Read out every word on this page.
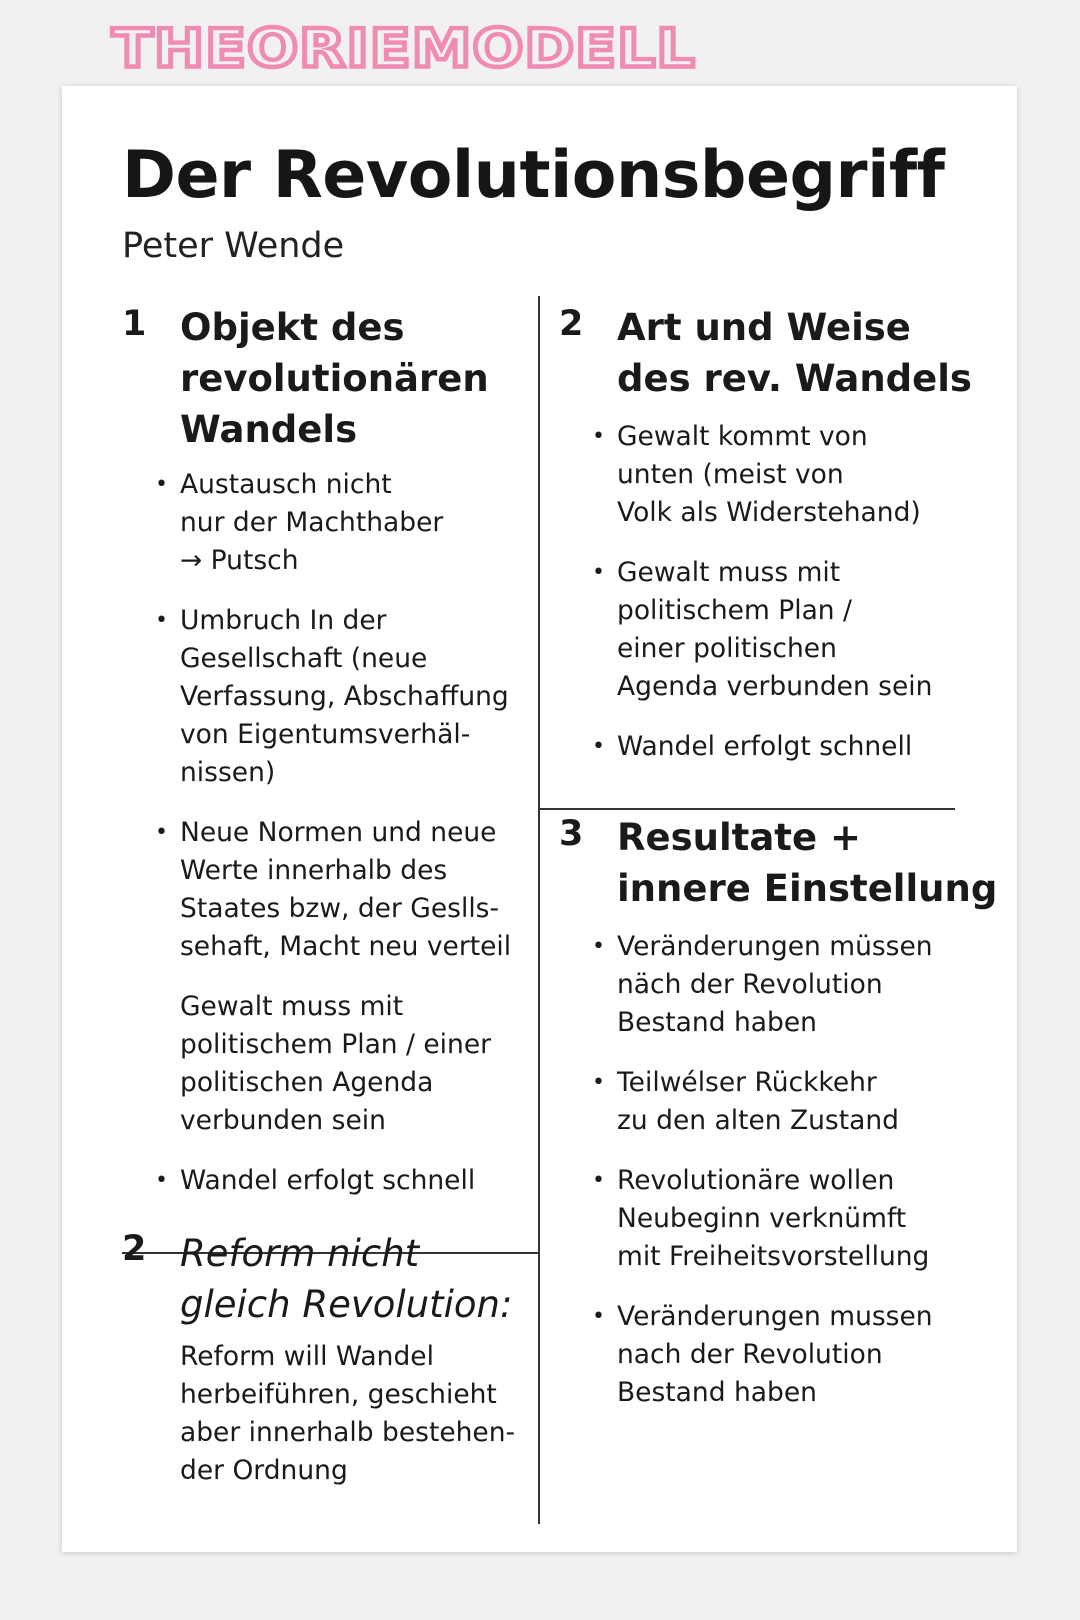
THEORIEMODELL
Der Revolutionsbegriff
Peter Wende
1 Objekt des
revolutionären
Wandels
• Austausch nicht
nur der Machthaber
→ Putsch
• Umbruch In der
Gesellschaft (neue
Verfassung, Abschaffung
von Eigentumsverhäl-
nissen)
• Neue Normen und neue
Werte innerhalb des
Staates bzw, der Geslls-
sehaft, Macht neu verteil
Gewalt muss mit
politischem Plan / einer
politischen Agenda
verbunden sein
• Wandel erfolgt schnell
2 Reform nicht
gleich Revolution:
Reform will Wandel
herbeiführen, geschieht
aber innerhalb bestehen-
der Ordnung
2 Art und Weise
des rev. Wandels
• Gewalt kommt von
unten (meist von
Volk als Widerstehand)
• Gewalt muss mit
politischem Plan /
einer politischen
Agenda verbunden sein
• Wandel erfolgt schnell
3 Resultate +
innere Einstellung
• Veränderungen müssen
näch der Revolution
Bestand haben
• Teilwélser Rückkehr
zu den alten Zustand
• Revolutionäre wollen
Neubeginn verknümft
mit Freiheitsvorstellung
• Veränderungen mussen
nach der Revolution
Bestand haben
